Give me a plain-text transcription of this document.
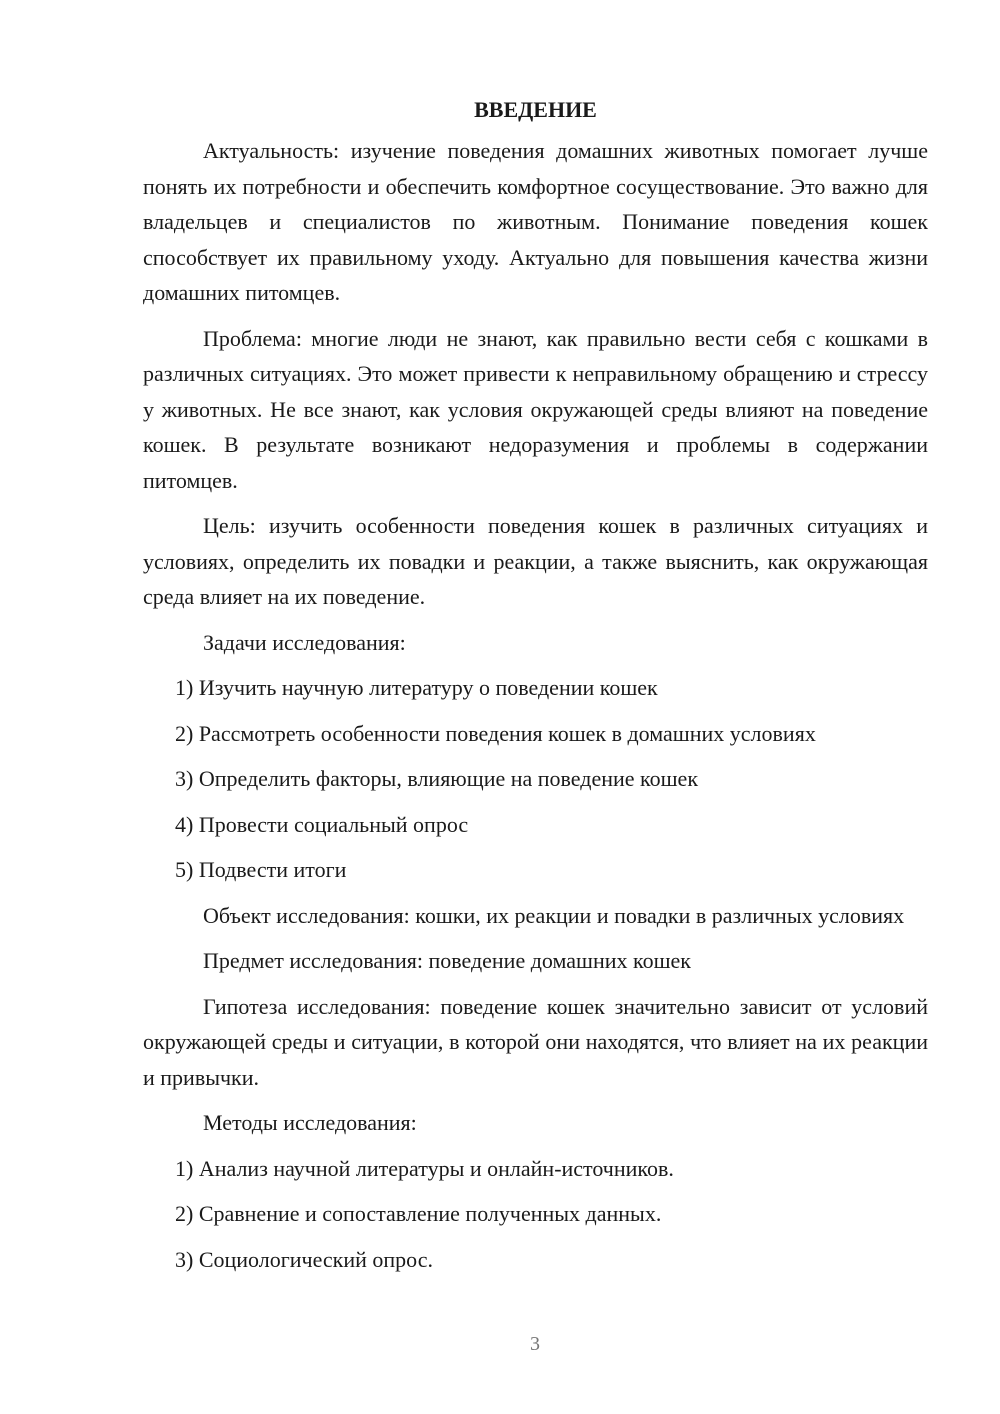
ВВЕДЕНИЕ

Актуальность: изучение поведения домашних животных помогает лучше понять их потребности и обеспечить комфортное сосуществование. Это важно для владельцев и специалистов по животным. Понимание поведения кошек способствует их правильному уходу. Актуально для повышения качества жизни домашних питомцев.

Проблема: многие люди не знают, как правильно вести себя с кошками в различных ситуациях. Это может привести к неправильному обращению и стрессу у животных. Не все знают, как условия окружающей среды влияют на поведение кошек. В результате возникают недоразумения и проблемы в содержании питомцев.

Цель: изучить особенности поведения кошек в различных ситуациях и условиях, определить их повадки и реакции, а также выяснить, как окружающая среда влияет на их поведение.

Задачи исследования:

1) Изучить научную литературу о поведении кошек

2) Рассмотреть особенности поведения кошек в домашних условиях

3) Определить факторы, влияющие на поведение кошек

4) Провести социальный опрос

5) Подвести итоги

Объект исследования: кошки, их реакции и повадки в различных условиях

Предмет исследования: поведение домашних кошек

Гипотеза исследования: поведение кошек значительно зависит от условий окружающей среды и ситуации, в которой они находятся, что влияет на их реакции и привычки.

Методы исследования:

1) Анализ научной литературы и онлайн-источников.

2) Сравнение и сопоставление полученных данных.

3) Социологический опрос.

3
